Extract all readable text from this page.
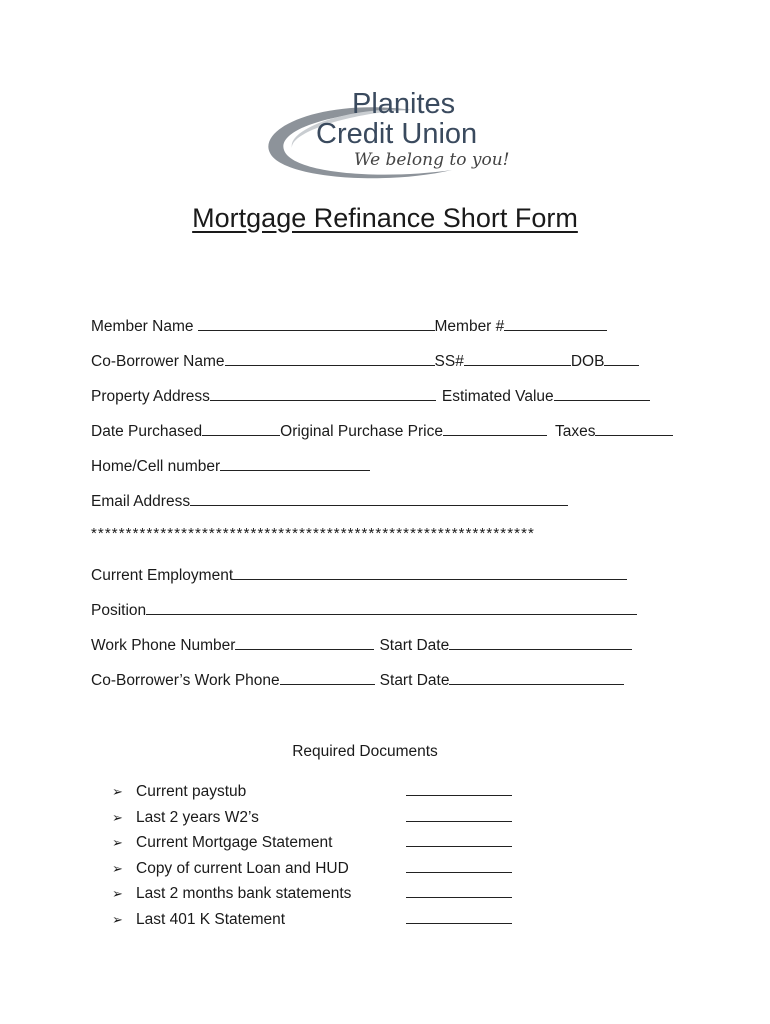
Planites
Credit Union
We belong to you!
Mortgage Refinance Short Form
Member Name	Member #
Co-Borrower Name	SS#	DOB
Property Address	Estimated Value
Date Purchased	Original Purchase Price	Taxes
Home/Cell number
Email Address
****************************************************************
Current Employment
Position
Work Phone Number	Start Date
Co-Borrower’s Work Phone	Start Date
Required Documents
➢ Current paystub
➢ Last 2 years W2’s
➢ Current Mortgage Statement
➢ Copy of current Loan and HUD
➢ Last 2 months bank statements
➢ Last 401 K Statement
